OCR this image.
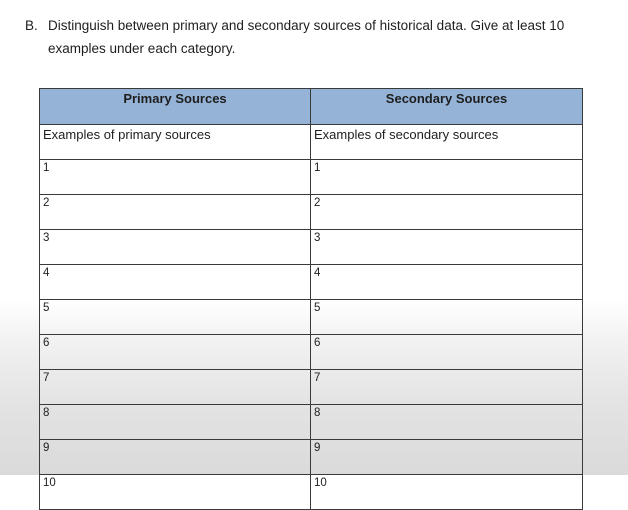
B. Distinguish between primary and secondary sources of historical data. Give at least 10 examples under each category.
Primary Sources	Secondary Sources
Examples of primary sources	Examples of secondary sources
1	1
2	2
3	3
4	4
5	5
6	6
7	7
8	8
9	9
10	10
